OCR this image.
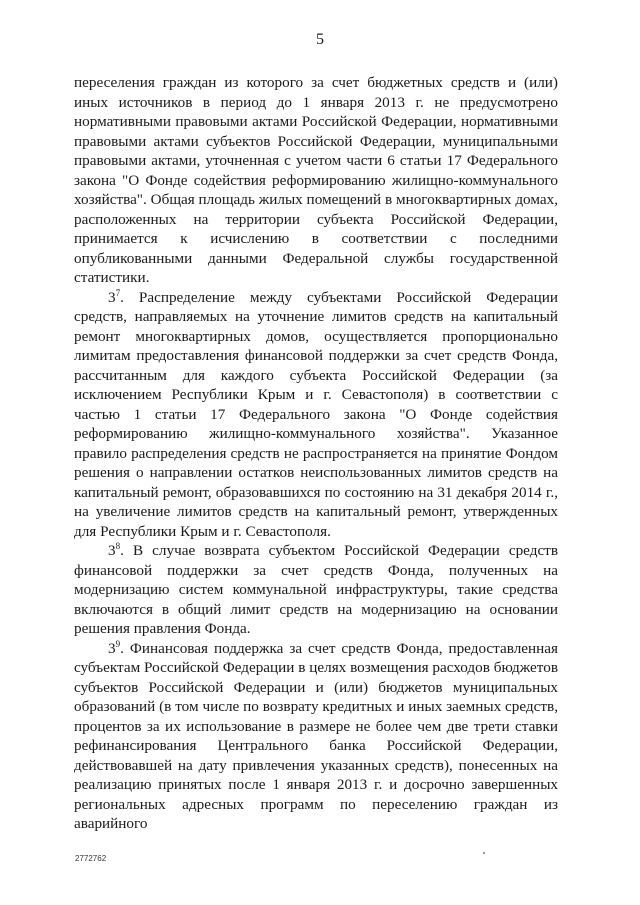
5

переселения граждан из которого за счет бюджетных средств и (или) иных источников в период до 1 января 2013 г. не предусмотрено нормативными правовыми актами Российской Федерации, нормативными правовыми актами субъектов Российской Федерации, муниципальными правовыми актами, уточненная с учетом части 6 статьи 17 Федерального закона "О Фонде содействия реформированию жилищно-коммунального хозяйства". Общая площадь жилых помещений в многоквартирных домах, расположенных на территории субъекта Российской Федерации, принимается к исчислению в соответствии с последними опубликованными данными Федеральной службы государственной статистики.

$3^7$. Распределение между субъектами Российской Федерации средств, направляемых на уточнение лимитов средств на капитальный ремонт многоквартирных домов, осуществляется пропорционально лимитам предоставления финансовой поддержки за счет средств Фонда, рассчитанным для каждого субъекта Российской Федерации (за исключением Республики Крым и г. Севастополя) в соответствии с частью 1 статьи 17 Федерального закона "О Фонде содействия реформированию жилищно-коммунального хозяйства". Указанное правило распределения средств не распространяется на принятие Фондом решения о направлении остатков неиспользованных лимитов средств на капитальный ремонт, образовавшихся по состоянию на 31 декабря 2014 г., на увеличение лимитов средств на капитальный ремонт, утвержденных для Республики Крым и г. Севастополя.

$3^8$. В случае возврата субъектом Российской Федерации средств финансовой поддержки за счет средств Фонда, полученных на модернизацию систем коммунальной инфраструктуры, такие средства включаются в общий лимит средств на модернизацию на основании решения правления Фонда.

$3^9$. Финансовая поддержка за счет средств Фонда, предоставленная субъектам Российской Федерации в целях возмещения расходов бюджетов субъектов Российской Федерации и (или) бюджетов муниципальных образований (в том числе по возврату кредитных и иных заемных средств, процентов за их использование в размере не более чем две трети ставки рефинансирования Центрального банка Российской Федерации, действовавшей на дату привлечения указанных средств), понесенных на реализацию принятых после 1 января 2013 г. и досрочно завершенных региональных адресных программ по переселению граждан из аварийного

2772762
